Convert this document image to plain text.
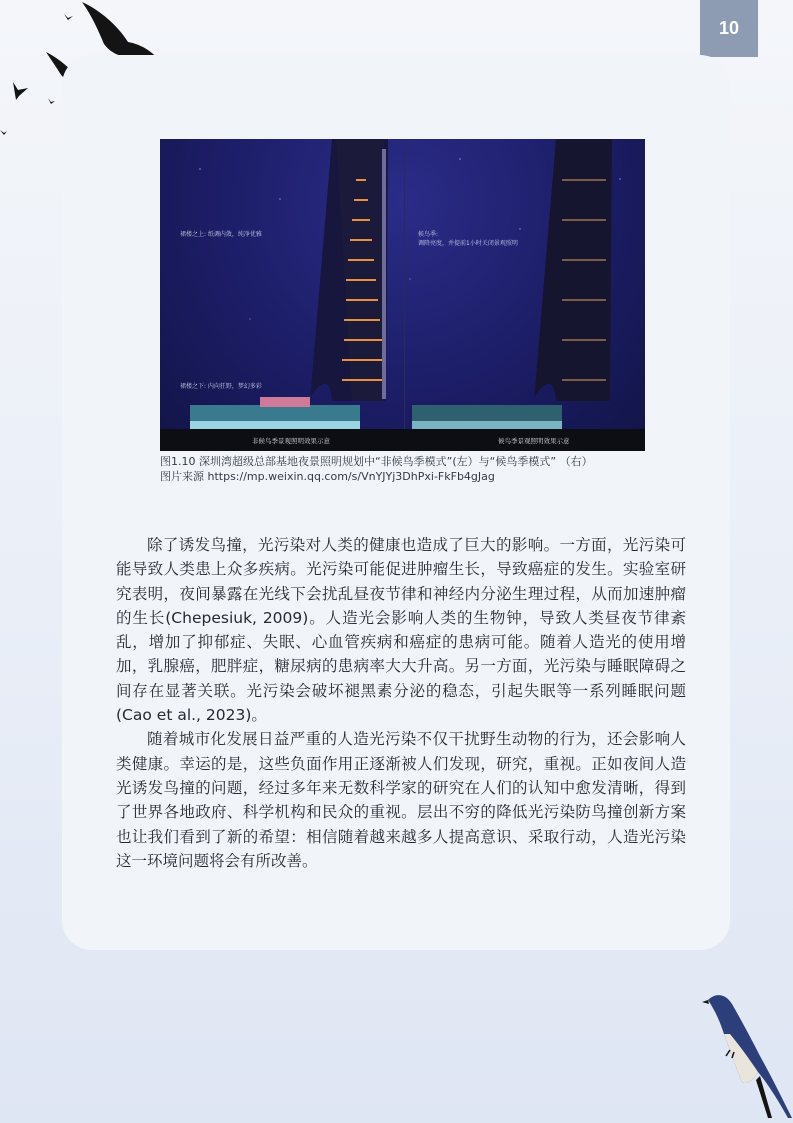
10
裙楼之上: 纸调内敛，纯净优雅
裙楼之下: 内向狂野，梦幻多彩
候鸟季:
调降亮度，并提前1小时关闭景观照明
非候鸟季景观照明效果示意	候鸟季景观照明效果示意
图1.10 深圳湾超级总部基地夜景照明规划中“非候鸟季模式”(左）与“候鸟季模式” （右）
图片来源 https://mp.weixin.qq.com/s/VnYJYj3DhPxi-FkFb4gJag

除了诱发鸟撞，光污染对人类的健康也造成了巨大的影响。一方面，光污染可能导致人类患上众多疾病。光污染可能促进肿瘤生长，导致癌症的发生。实验室研究表明，夜间暴露在光线下会扰乱昼夜节律和神经内分泌生理过程，从而加速肿瘤的生长(Chepesiuk, 2009)。人造光会影响人类的生物钟，导致人类昼夜节律紊乱，增加了抑郁症、失眠、心血管疾病和癌症的患病可能。随着人造光的使用增加，乳腺癌，肥胖症，糖尿病的患病率大大升高。另一方面，光污染与睡眠障碍之间存在显著关联。光污染会破坏褪黑素分泌的稳态，引起失眠等一系列睡眠问题(Cao et al., 2023)。

随着城市化发展日益严重的人造光污染不仅干扰野生动物的行为，还会影响人类健康。幸运的是，这些负面作用正逐渐被人们发现，研究，重视。正如夜间人造光诱发鸟撞的问题，经过多年来无数科学家的研究在人们的认知中愈发清晰，得到了世界各地政府、科学机构和民众的重视。层出不穷的降低光污染防鸟撞创新方案也让我们看到了新的希望：相信随着越来越多人提高意识、采取行动，人造光污染这一环境问题将会有所改善。
